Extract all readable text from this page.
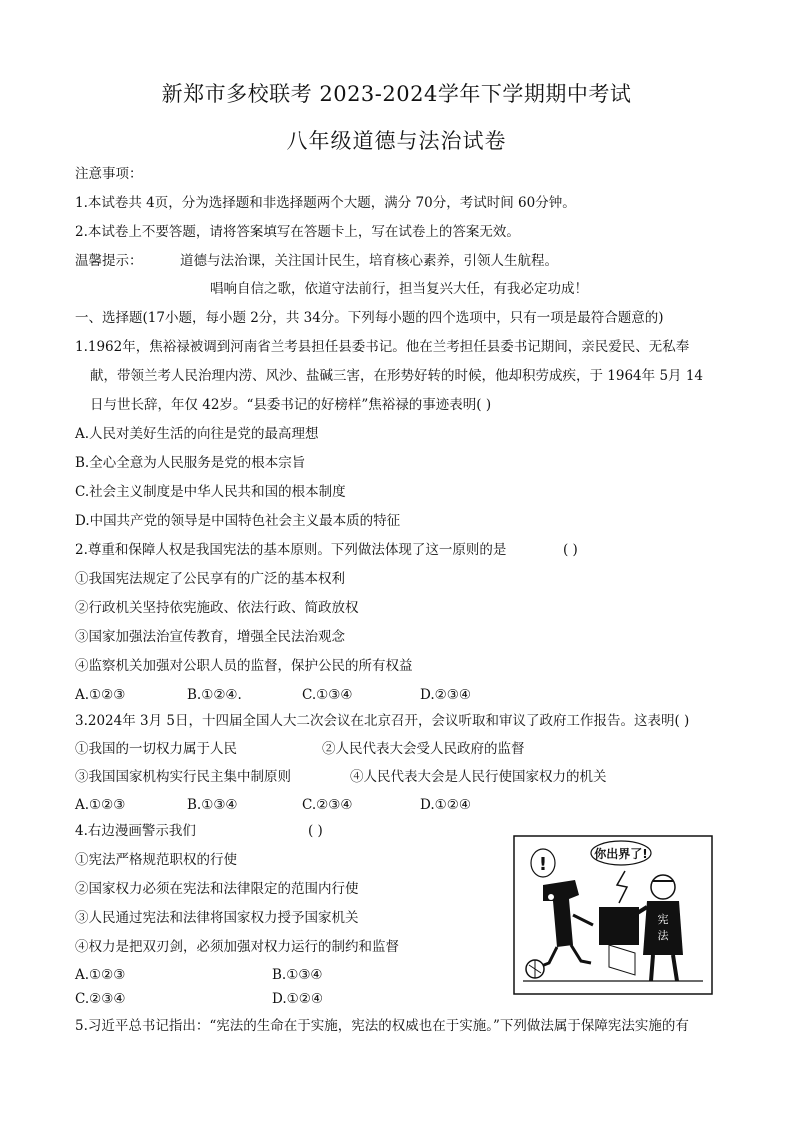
新郑市多校联考 2023-2024学年下学期期中考试
八年级道德与法治试卷
注意事项：
1.本试卷共 4页，分为选择题和非选择题两个大题，满分 70分，考试时间 60分钟。
2.本试卷上不要答题，请将答案填写在答题卡上，写在试卷上的答案无效。
温馨提示：	道德与法治课，关注国计民生，培育核心素养，引领人生航程。
唱响自信之歌，依道守法前行，担当复兴大任，有我必定功成！
一、选择题(17小题，每小题 2分，共 34分。下列每小题的四个选项中，只有一项是最符合题意的)
1.1962年，焦裕禄被调到河南省兰考县担任县委书记。他在兰考担任县委书记期间，亲民爱民、无私奉
献，带领兰考人民治理内涝、风沙、盐碱三害，在形势好转的时候，他却积劳成疾，于 1964年 5月 14
日与世长辞，年仅 42岁。“县委书记的好榜样”焦裕禄的事迹表明( )
A.人民对美好生活的向往是党的最高理想
B.全心全意为人民服务是党的根本宗旨
C.社会主义制度是中华人民共和国的根本制度
D.中国共产党的领导是中国特色社会主义最本质的特征
2.尊重和保障人权是我国宪法的基本原则。下列做法体现了这一原则的是	( )
①我国宪法规定了公民享有的广泛的基本权利
②行政机关坚持依宪施政、依法行政、简政放权
③国家加强法治宣传教育，增强全民法治观念
④监察机关加强对公职人员的监督，保护公民的所有权益
A.①②③	B.①②④.	C.①③④	D.②③④
3.2024年 3月 5日，十四届全国人大二次会议在北京召开，会议听取和审议了政府工作报告。这表明( )
①我国的一切权力属于人民	②人民代表大会受人民政府的监督
③我国国家机构实行民主集中制原则	④人民代表大会是人民行使国家权力的机关
A.①②③	B.①③④	C.②③④	D.①②④
4.右边漫画警示我们	( )
①宪法严格规范职权的行使
②国家权力必须在宪法和法律限定的范围内行使
③人民通过宪法和法律将国家权力授予国家机关
④权力是把双刃剑，必须加强对权力运行的制约和监督
A.①②③	B.①③④
C.②③④	D.①②④
你出界了!
!
宪
法
5.习近平总书记指出：“宪法的生命在于实施，宪法的权威也在于实施。”下列做法属于保障宪法实施的有
